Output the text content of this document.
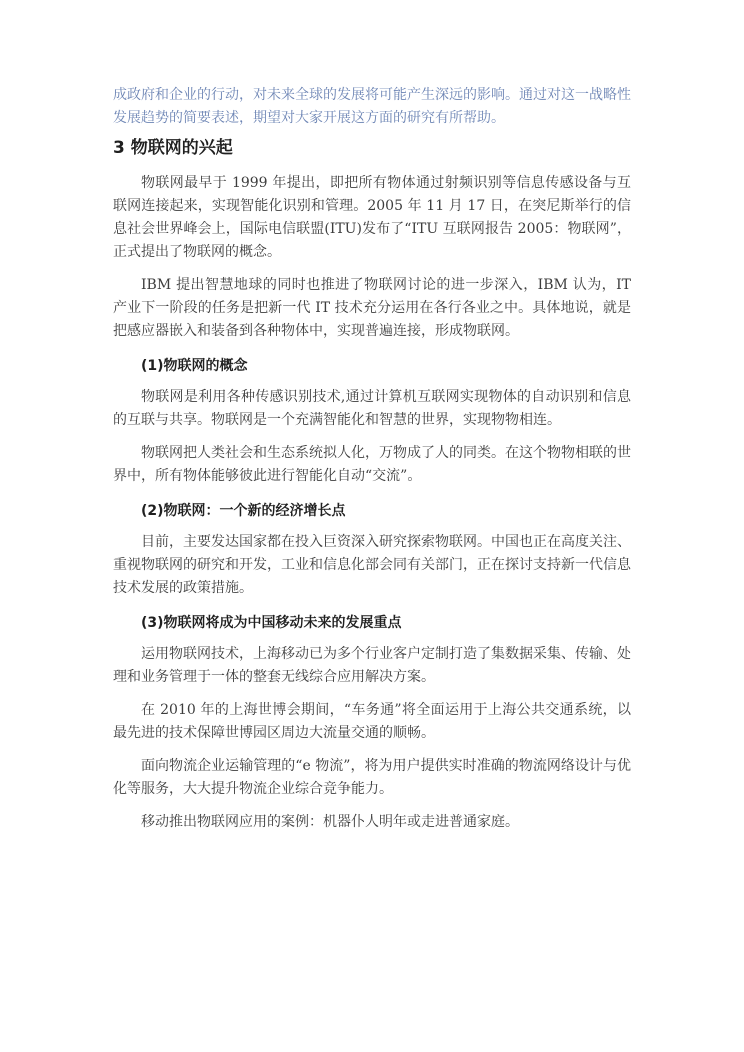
成政府和企业的行动，对未来全球的发展将可能产生深远的影响。通过对这一战略性发展趋势的简要表述，期望对大家开展这方面的研究有所帮助。

3 物联网的兴起

物联网最早于 1999 年提出，即把所有物体通过射频识别等信息传感设备与互联网连接起来，实现智能化识别和管理。2005 年 11 月 17 日，在突尼斯举行的信息社会世界峰会上，国际电信联盟(ITU)发布了“ITU 互联网报告 2005：物联网”，正式提出了物联网的概念。

IBM 提出智慧地球的同时也推进了物联网讨论的进一步深入，IBM 认为，IT 产业下一阶段的任务是把新一代 IT 技术充分运用在各行各业之中。具体地说，就是把感应器嵌入和装备到各种物体中，实现普遍连接，形成物联网。

(1)物联网的概念

物联网是利用各种传感识别技术,通过计算机互联网实现物体的自动识别和信息的互联与共享。物联网是一个充满智能化和智慧的世界，实现物物相连。

物联网把人类社会和生态系统拟人化，万物成了人的同类。在这个物物相联的世界中，所有物体能够彼此进行智能化自动“交流”。

(2)物联网：一个新的经济增长点

目前，主要发达国家都在投入巨资深入研究探索物联网。中国也正在高度关注、重视物联网的研究和开发，工业和信息化部会同有关部门，正在探讨支持新一代信息技术发展的政策措施。

(3)物联网将成为中国移动未来的发展重点

运用物联网技术，上海移动已为多个行业客户定制打造了集数据采集、传输、处理和业务管理于一体的整套无线综合应用解决方案。

在 2010 年的上海世博会期间，“车务通”将全面运用于上海公共交通系统，以最先进的技术保障世博园区周边大流量交通的顺畅。

面向物流企业运输管理的“e 物流”，将为用户提供实时准确的物流网络设计与优化等服务，大大提升物流企业综合竞争能力。

移动推出物联网应用的案例：机器仆人明年或走进普通家庭。
